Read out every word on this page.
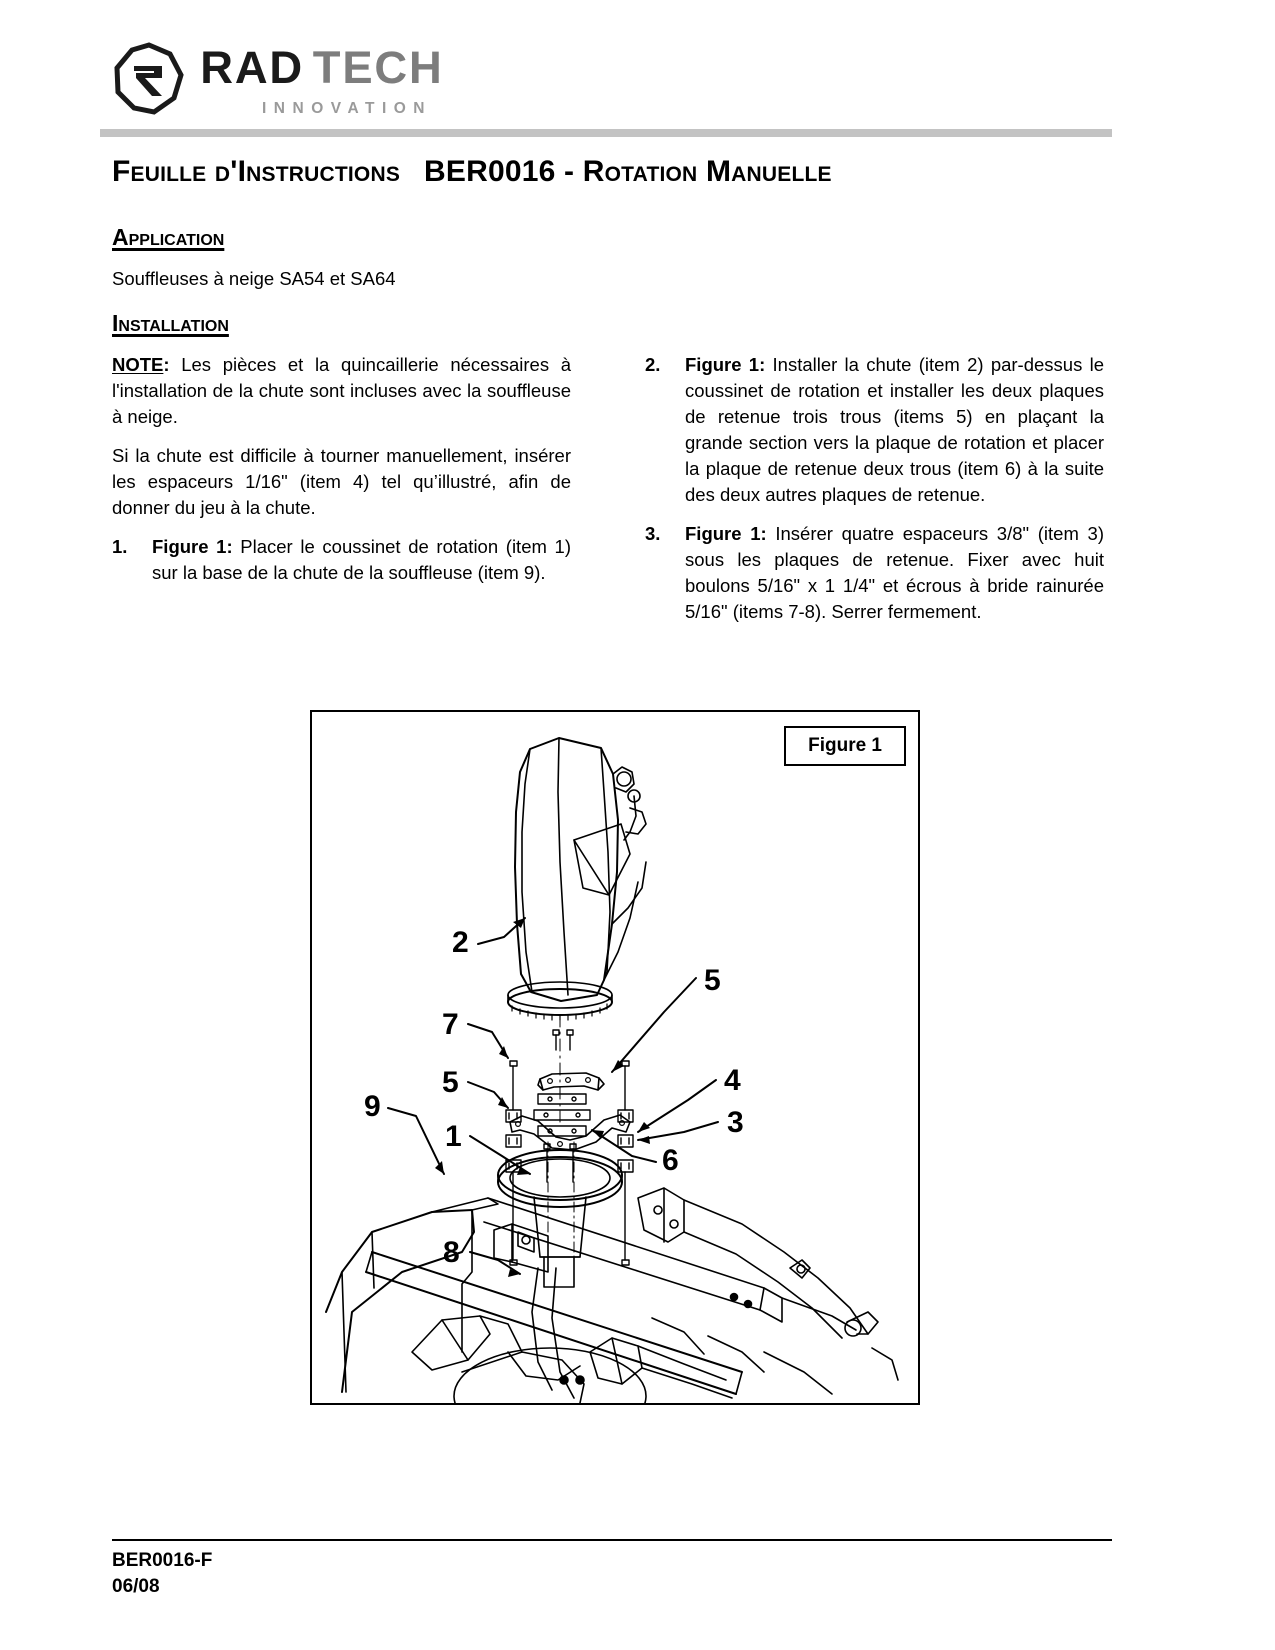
RAD TECH
INNOVATION
Feuille d'Instructions BER0016 - Rotation Manuelle
Application
Souffleuses à neige SA54 et SA64
Installation

NOTE: Les pièces et la quincaillerie nécessaires à l'installation de la chute sont incluses avec la souffleuse à neige.

Si la chute est difficile à tourner manuellement, insérer les espaceurs 1/16" (item 4) tel qu’illustré, afin de donner du jeu à la chute.

1.	Figure 1: Placer le coussinet de rotation (item 1) sur la base de la chute de la souffleuse (item 9).
2.	Figure 1: Installer la chute (item 2) par-dessus le coussinet de rotation et installer les deux plaques de retenue trois trous (items 5) en plaçant la grande section vers la plaque de rotation et placer la plaque de retenue deux trous (item 6) à la suite des deux autres plaques de retenue.
3.	Figure 1: Insérer quatre espaceurs 3/8" (item 3) sous les plaques de retenue. Fixer avec huit boulons 5/16" x 1 1/4" et écrous à bride rainurée 5/16" (items 7-8). Serrer fermement.
2
5
7
5	4
9	3
1
6
8
Figure 1
BER0016-F
06/08
